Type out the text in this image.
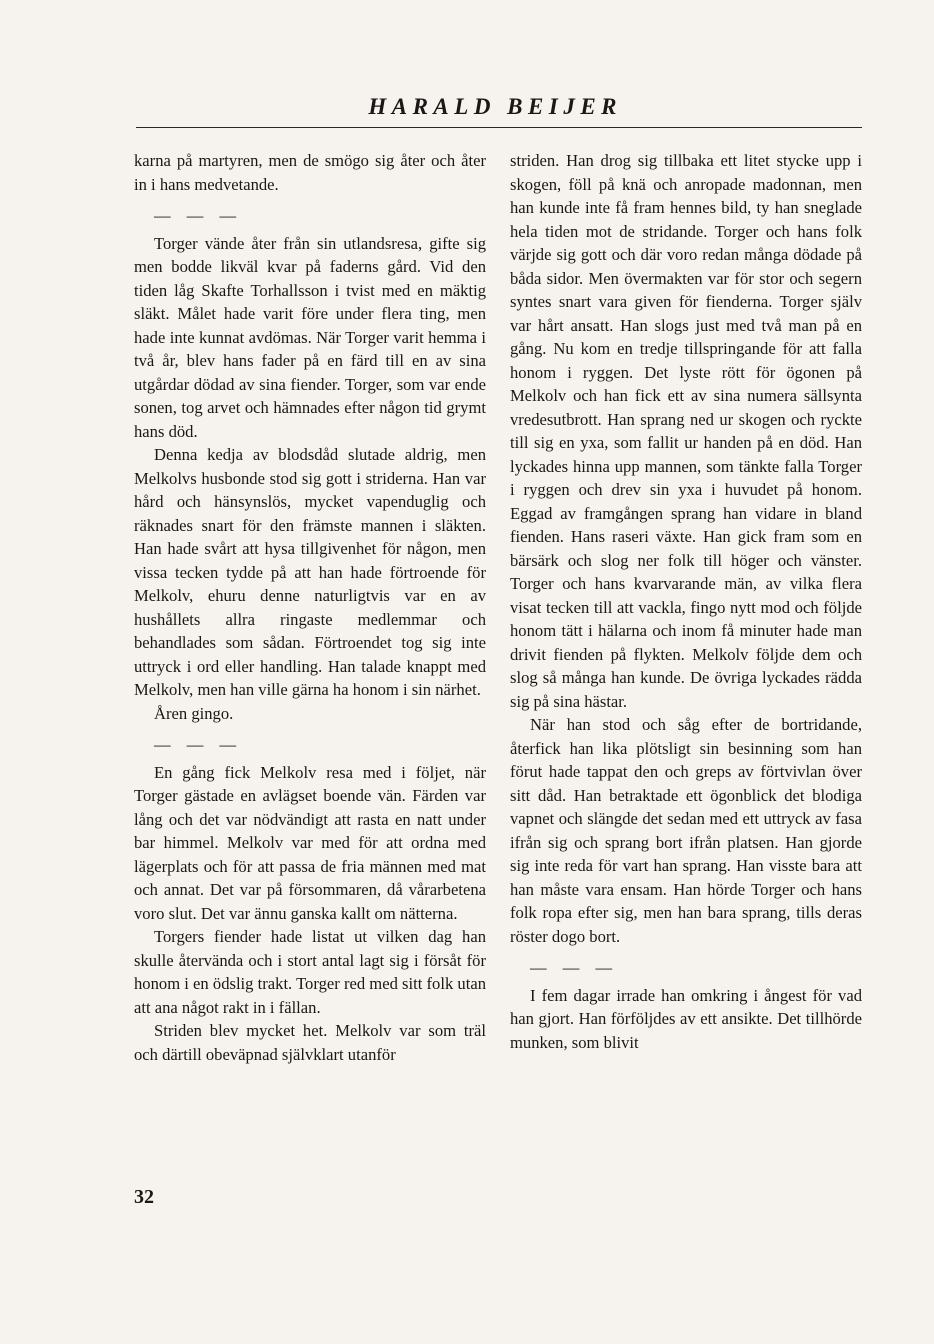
HARALD BEIJER

karna på martyren, men de smögo sig åter och åter in i hans medvetande.

— — —

Torger vände åter från sin utlandsresa, gifte sig men bodde likväl kvar på faderns gård. Vid den tiden låg Skafte Torhallsson i tvist med en mäktig släkt. Målet hade varit före under flera ting, men hade inte kunnat avdömas. När Torger varit hemma i två år, blev hans fader på en färd till en av sina utgårdar dödad av sina fiender. Torger, som var ende sonen, tog arvet och hämnades efter någon tid grymt hans död.

Denna kedja av blodsdåd slutade aldrig, men Melkolvs husbonde stod sig gott i striderna. Han var hård och hänsynslös, mycket vapenduglig och räknades snart för den främste mannen i släkten. Han hade svårt att hysa tillgivenhet för någon, men vissa tecken tydde på att han hade förtroende för Melkolv, ehuru denne naturligtvis var en av hushållets allra ringaste medlemmar och behandlades som sådan. Förtroendet tog sig inte uttryck i ord eller handling. Han talade knappt med Melkolv, men han ville gärna ha honom i sin närhet.

Åren gingo.

— — —

En gång fick Melkolv resa med i följet, när Torger gästade en avlägset boende vän. Färden var lång och det var nödvändigt att rasta en natt under bar himmel. Melkolv var med för att ordna med lägerplats och för att passa de fria männen med mat och annat. Det var på försommaren, då vårarbetena voro slut. Det var ännu ganska kallt om nätterna.

Torgers fiender hade listat ut vilken dag han skulle återvända och i stort antal lagt sig i försåt för honom i en ödslig trakt. Torger red med sitt folk utan att ana något rakt in i fällan.

Striden blev mycket het. Melkolv var som träl och därtill obeväpnad självklart utanför

striden. Han drog sig tillbaka ett litet stycke upp i skogen, föll på knä och anropade madonnan, men han kunde inte få fram hennes bild, ty han sneglade hela tiden mot de stridande. Torger och hans folk värjde sig gott och där voro redan många dödade på båda sidor. Men övermakten var för stor och segern syntes snart vara given för fienderna. Torger själv var hårt ansatt. Han slogs just med två man på en gång. Nu kom en tredje tillspringande för att falla honom i ryggen. Det lyste rött för ögonen på Melkolv och han fick ett av sina numera sällsynta vredesutbrott. Han sprang ned ur skogen och ryckte till sig en yxa, som fallit ur handen på en död. Han lyckades hinna upp mannen, som tänkte falla Torger i ryggen och drev sin yxa i huvudet på honom. Eggad av framgången sprang han vidare in bland fienden. Hans raseri växte. Han gick fram som en bärsärk och slog ner folk till höger och vänster. Torger och hans kvarvarande män, av vilka flera visat tecken till att vackla, fingo nytt mod och följde honom tätt i hälarna och inom få minuter hade man drivit fienden på flykten. Melkolv följde dem och slog så många han kunde. De övriga lyckades rädda sig på sina hästar.

När han stod och såg efter de bortridande, återfick han lika plötsligt sin besinning som han förut hade tappat den och greps av förtvivlan över sitt dåd. Han betraktade ett ögonblick det blodiga vapnet och slängde det sedan med ett uttryck av fasa ifrån sig och sprang bort ifrån platsen. Han gjorde sig inte reda för vart han sprang. Han visste bara att han måste vara ensam. Han hörde Torger och hans folk ropa efter sig, men han bara sprang, tills deras röster dogo bort.

— — —

I fem dagar irrade han omkring i ångest för vad han gjort. Han förföljdes av ett ansikte. Det tillhörde munken, som blivit

32
